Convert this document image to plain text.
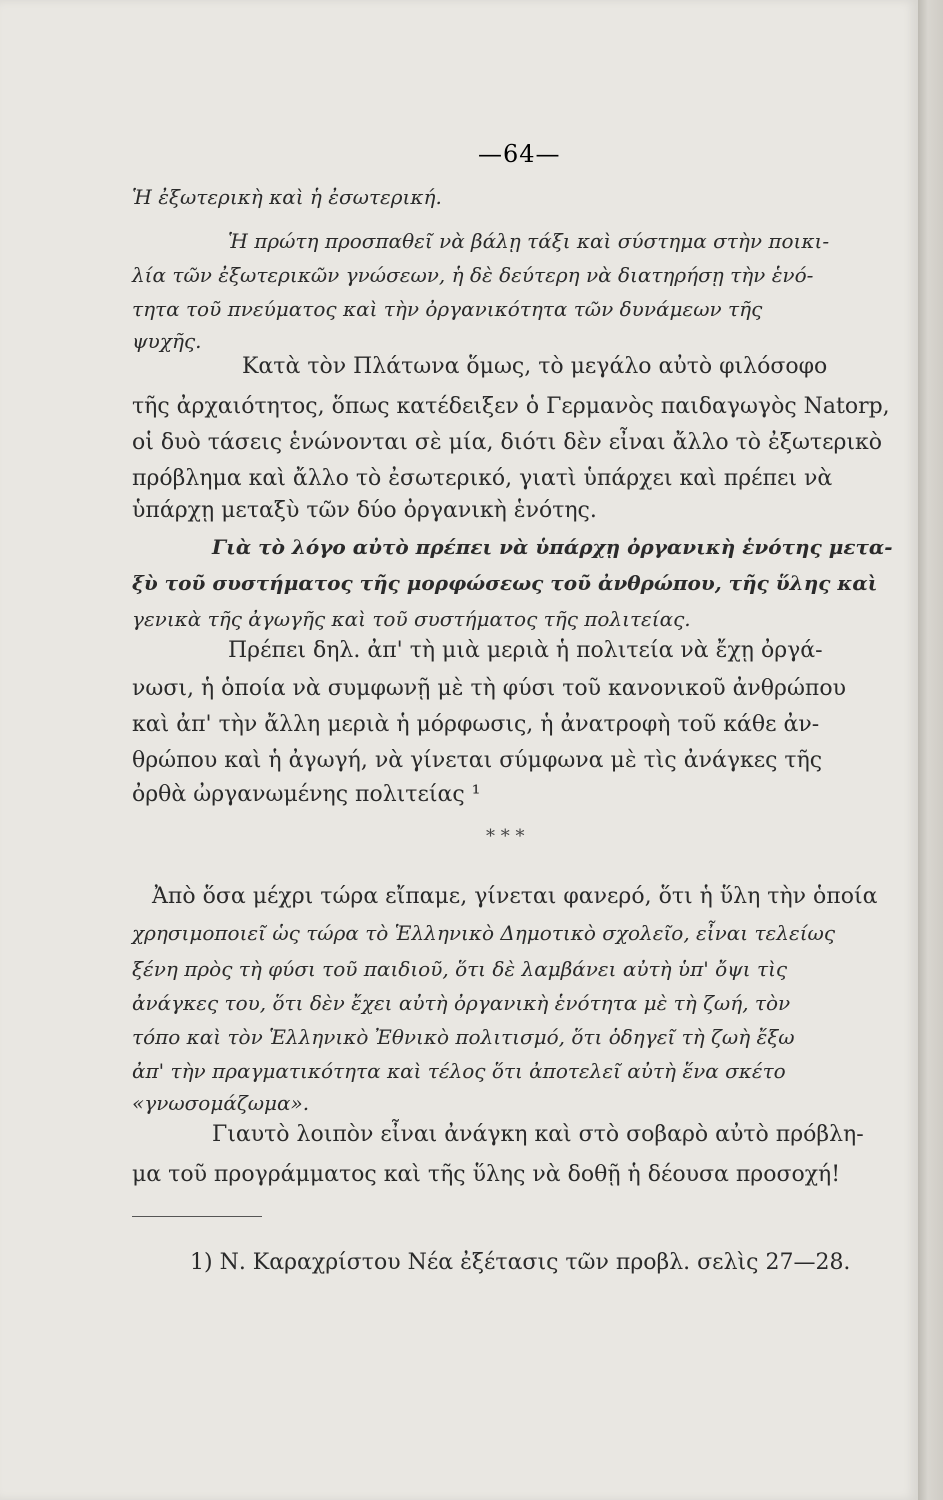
—64—
Ἡ ἐξωτερικὴ καὶ ἡ ἐσωτερική.
Ἡ πρώτη προσπαθεῖ νὰ βάλῃ τάξι καὶ σύστημα στὴν ποικι-
λία τῶν ἐξωτερικῶν γνώσεων, ἡ δὲ δεύτερη νὰ διατηρήσῃ τὴν ἑνό-
τητα τοῦ πνεύματος καὶ τὴν ὀργανικότητα τῶν δυνάμεων τῆς
ψυχῆς.
Κατὰ τὸν Πλάτωνα ὅμως, τὸ μεγάλο αὐτὸ φιλόσοφο
τῆς ἀρχαιότητος, ὅπως κατέδειξεν ὁ Γερμανὸς παιδαγωγὸς Natorp,
οἱ δυὸ τάσεις ἑνώνονται σὲ μία, διότι δὲν εἶναι ἄλλο τὸ ἐξωτερικὸ
πρόβλημα καὶ ἄλλο τὸ ἐσωτερικό, γιατὶ ὑπάρχει καὶ πρέπει νὰ
ὑπάρχῃ μεταξὺ τῶν δύο ὀργανικὴ ἑνότης.
Γιὰ τὸ λόγο αὐτὸ πρέπει νὰ ὑπάρχῃ ὀργανικὴ ἑνότης μετα-
ξὺ τοῦ συστήματος τῆς μορφώσεως τοῦ ἀνθρώπου, τῆς ὕλης καὶ
γενικὰ τῆς ἀγωγῆς καὶ τοῦ συστήματος τῆς πολιτείας.
Πρέπει δηλ. ἀπ' τὴ μιὰ μεριὰ ἡ πολιτεία νὰ ἔχῃ ὀργά-
νωσι, ἡ ὁποία νὰ συμφωνῇ μὲ τὴ φύσι τοῦ κανονικοῦ ἀνθρώπου
καὶ ἀπ' τὴν ἄλλη μεριὰ ἡ μόρφωσις, ἡ ἀνατροφὴ τοῦ κάθε ἀν-
θρώπου καὶ ἡ ἀγωγή, νὰ γίνεται σύμφωνα μὲ τὶς ἀνάγκες τῆς
ὀρθὰ ὠργανωμένης πολιτείας ¹
* * *
Ἀπὸ ὅσα μέχρι τώρα εἴπαμε, γίνεται φανερό, ὅτι ἡ ὕλη τὴν ὁποία
χρησιμοποιεῖ ὡς τώρα τὸ Ἑλληνικὸ Δημοτικὸ σχολεῖο, εἶναι τελείως
ξένη πρὸς τὴ φύσι τοῦ παιδιοῦ, ὅτι δὲ λαμβάνει αὐτὴ ὑπ' ὄψι τὶς
ἀνάγκες του, ὅτι δὲν ἔχει αὐτὴ ὀργανικὴ ἑνότητα μὲ τὴ ζωή, τὸν
τόπο καὶ τὸν Ἑλληνικὸ Ἐθνικὸ πολιτισμό, ὅτι ὁδηγεῖ τὴ ζωὴ ἔξω
ἀπ' τὴν πραγματικότητα καὶ τέλος ὅτι ἀποτελεῖ αὐτὴ ἕνα σκέτο
«γνωσομάζωμα».
Γιαυτὸ λοιπὸν εἶναι ἀνάγκη καὶ στὸ σοβαρὸ αὐτὸ πρόβλη-
μα τοῦ προγράμματος καὶ τῆς ὕλης νὰ δοθῇ ἡ δέουσα προσοχή!
1) Ν. Καραχρίστου Νέα ἐξέτασις τῶν προβλ. σελὶς 27—28.
